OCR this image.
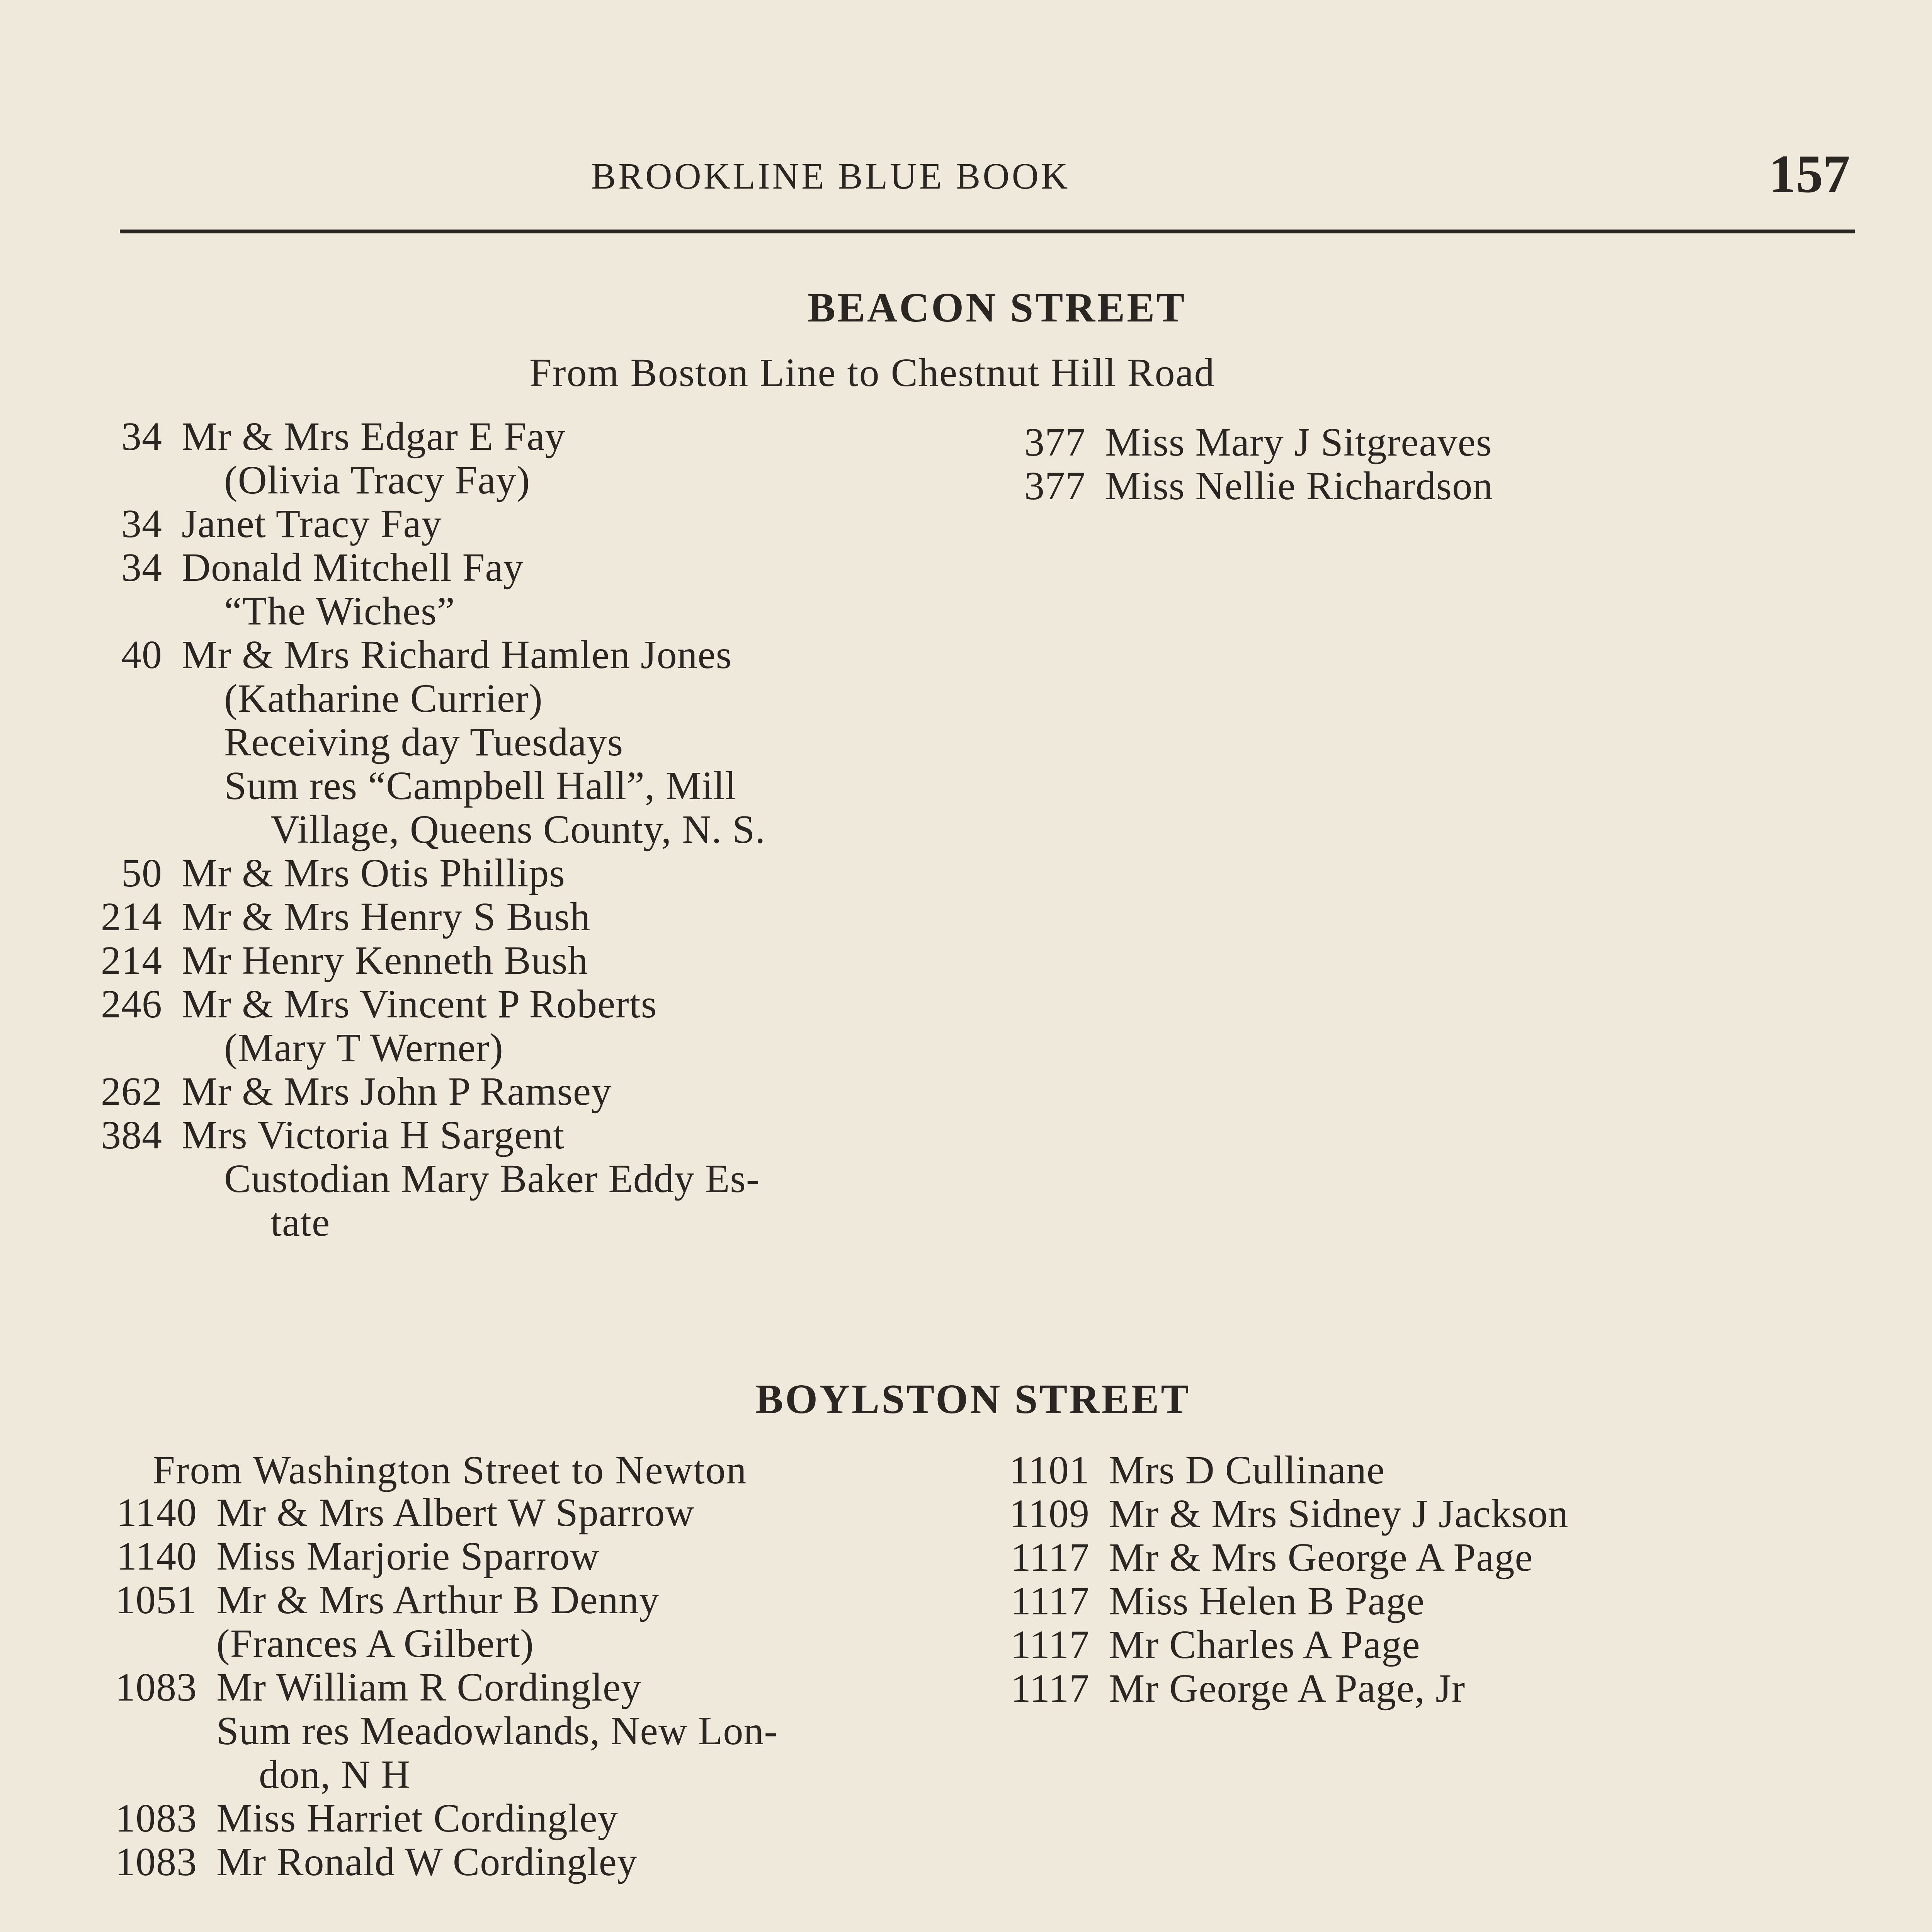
BROOKLINE BLUE BOOK	157
BEACON STREET
From Boston Line to Chestnut Hill Road
34 Mr & Mrs Edgar E Fay
(Olivia Tracy Fay)
34 Janet Tracy Fay
34 Donald Mitchell Fay
“The Wiches”
40 Mr & Mrs Richard Hamlen Jones
(Katharine Currier)
Receiving day Tuesdays
Sum res “Campbell Hall”, Mill
Village, Queens County, N. S.
50 Mr & Mrs Otis Phillips
214 Mr & Mrs Henry S Bush
214 Mr Henry Kenneth Bush
246 Mr & Mrs Vincent P Roberts
(Mary T Werner)
262 Mr & Mrs John P Ramsey
384 Mrs Victoria H Sargent
Custodian Mary Baker Eddy Es-
tate
377 Miss Mary J Sitgreaves
377 Miss Nellie Richardson
BOYLSTON STREET
From Washington Street to Newton
1140 Mr & Mrs Albert W Sparrow
1140 Miss Marjorie Sparrow
1051 Mr & Mrs Arthur B Denny
(Frances A Gilbert)
1083 Mr William R Cordingley
Sum res Meadowlands, New Lon-
don, N H
1083 Miss Harriet Cordingley
1083 Mr Ronald W Cordingley
1101 Mrs D Cullinane
1109 Mr & Mrs Sidney J Jackson
1117 Mr & Mrs George A Page
1117 Miss Helen B Page
1117 Mr Charles A Page
1117 Mr George A Page, Jr
